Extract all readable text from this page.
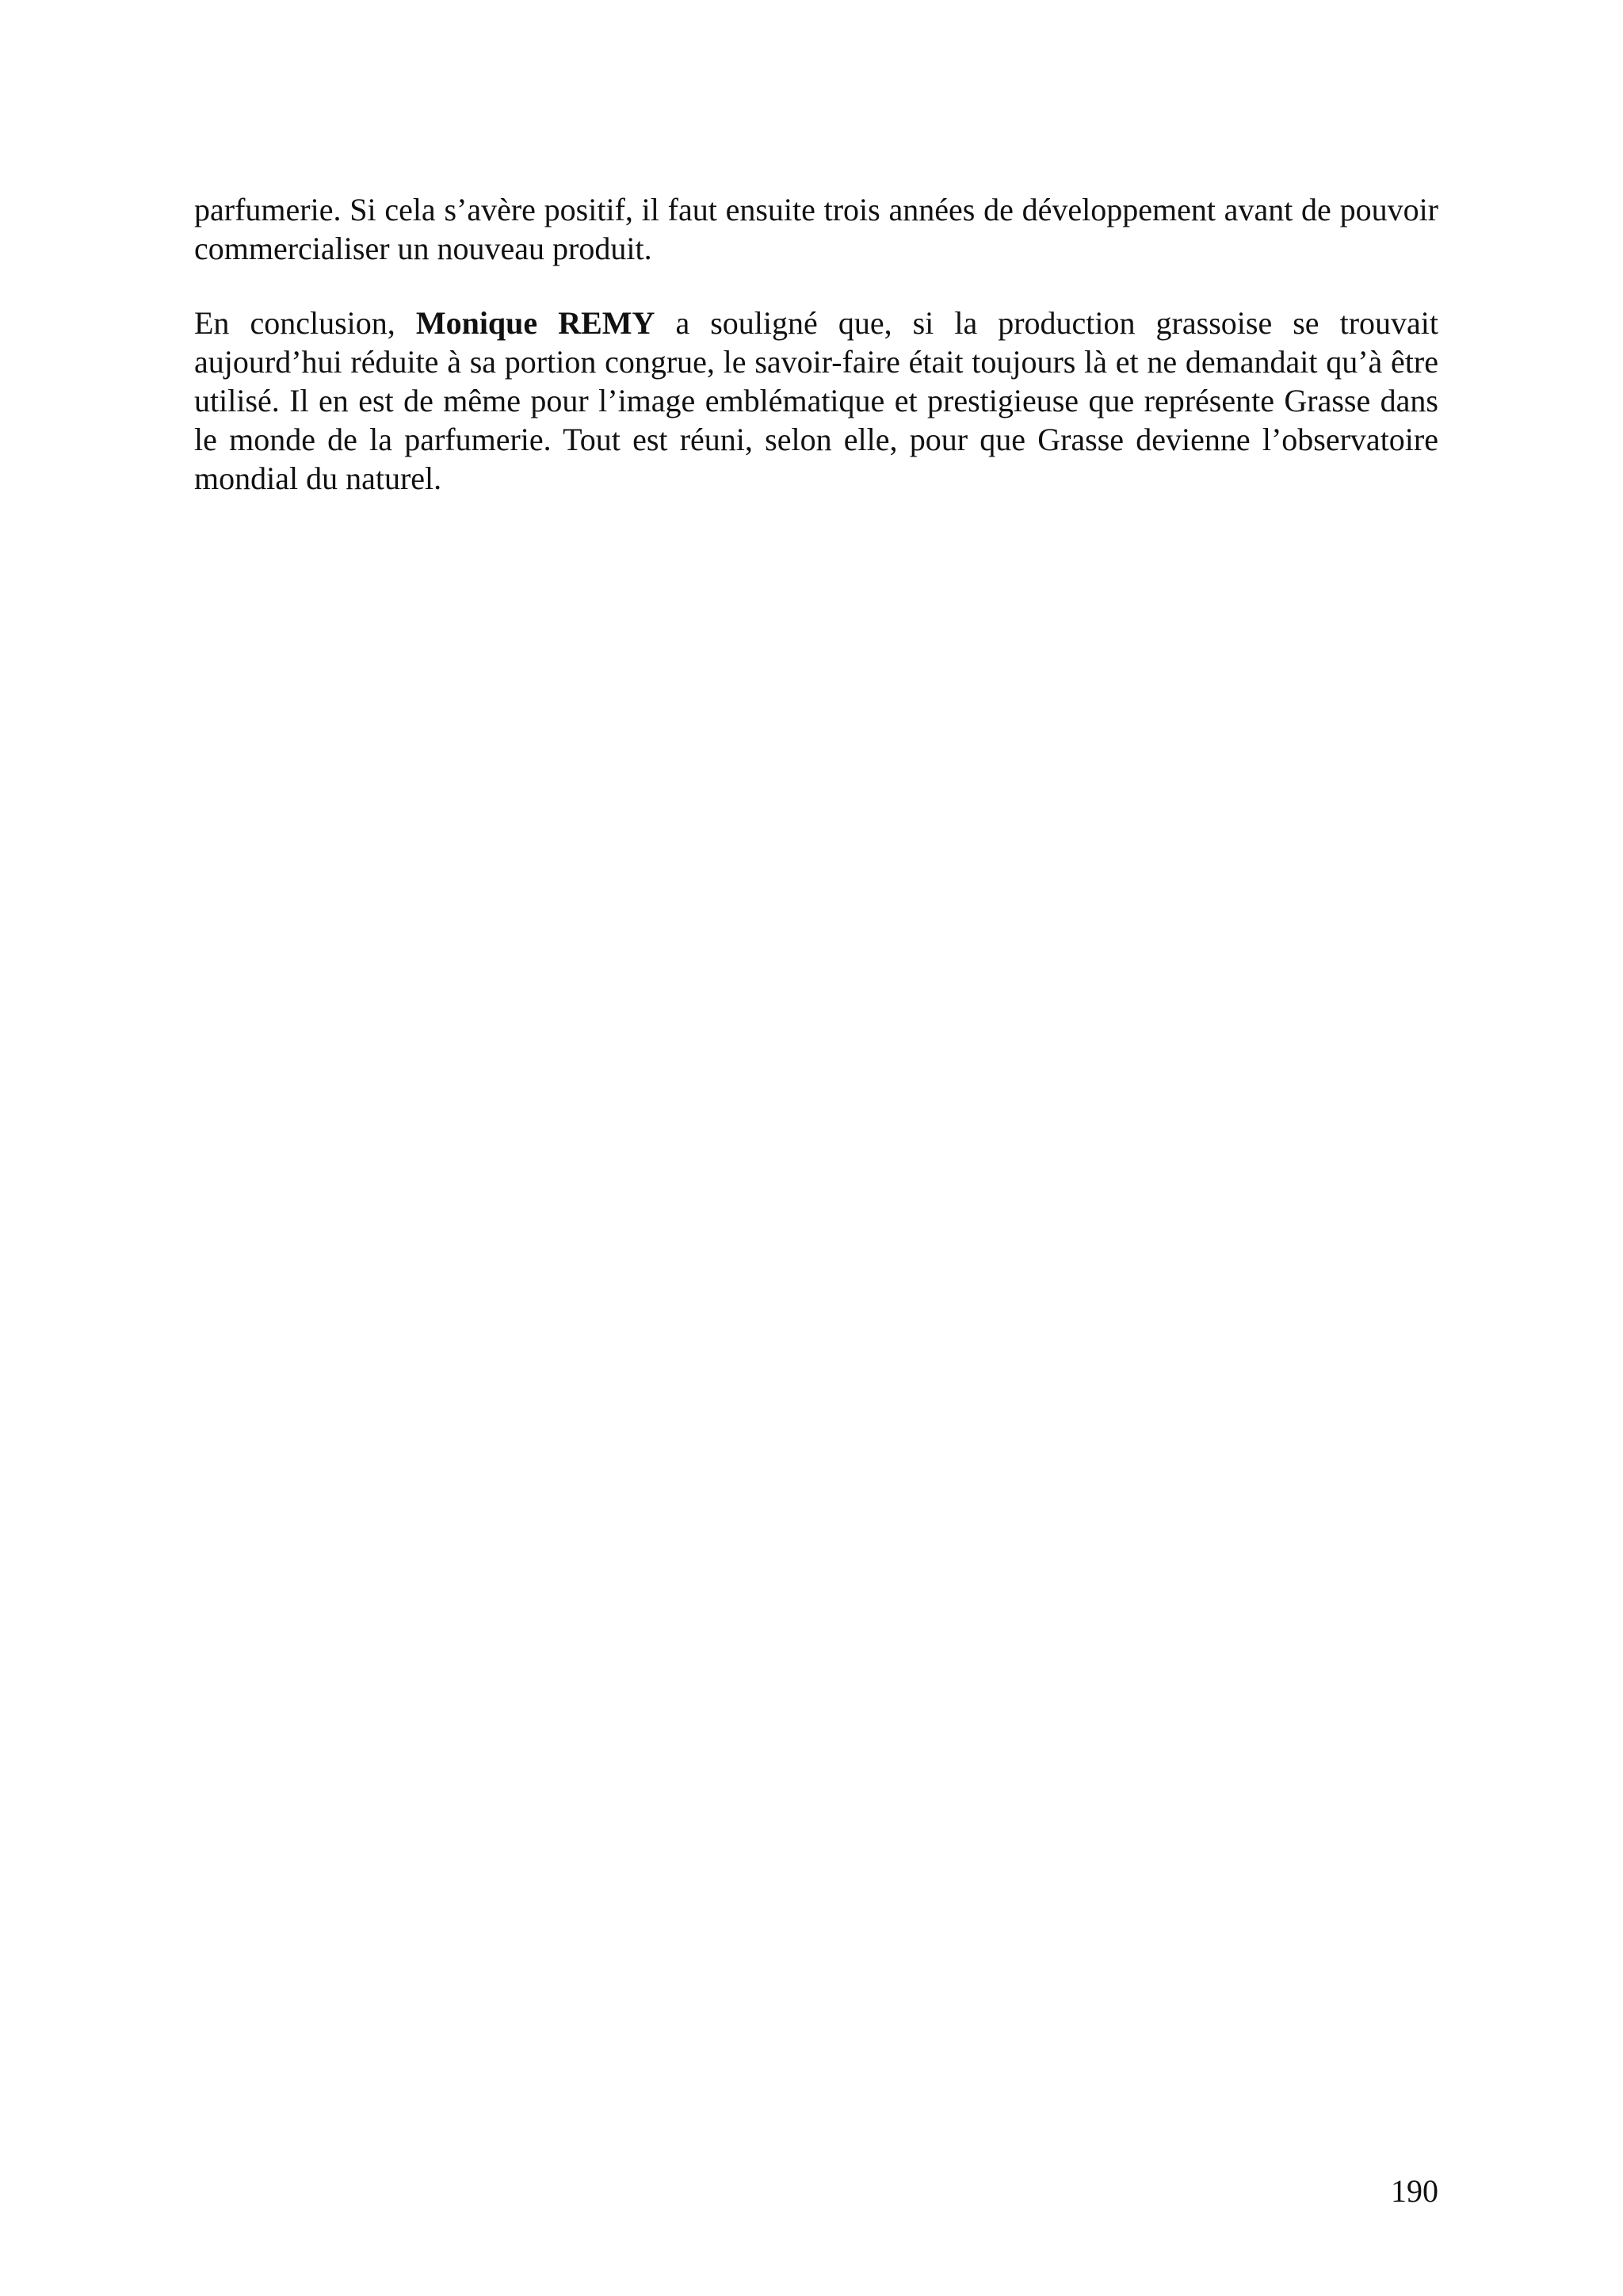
parfumerie. Si cela s’avère positif, il faut ensuite trois années de développement avant de pouvoir commercialiser un nouveau produit.

En conclusion, Monique REMY a souligné que, si la production grassoise se trouvait aujourd’hui réduite à sa portion congrue, le savoir-faire était toujours là et ne demandait qu’à être utilisé. Il en est de même pour l’image emblématique et prestigieuse que représente Grasse dans le monde de la parfumerie. Tout est réuni, selon elle, pour que Grasse devienne l’observatoire mondial du naturel.

190
